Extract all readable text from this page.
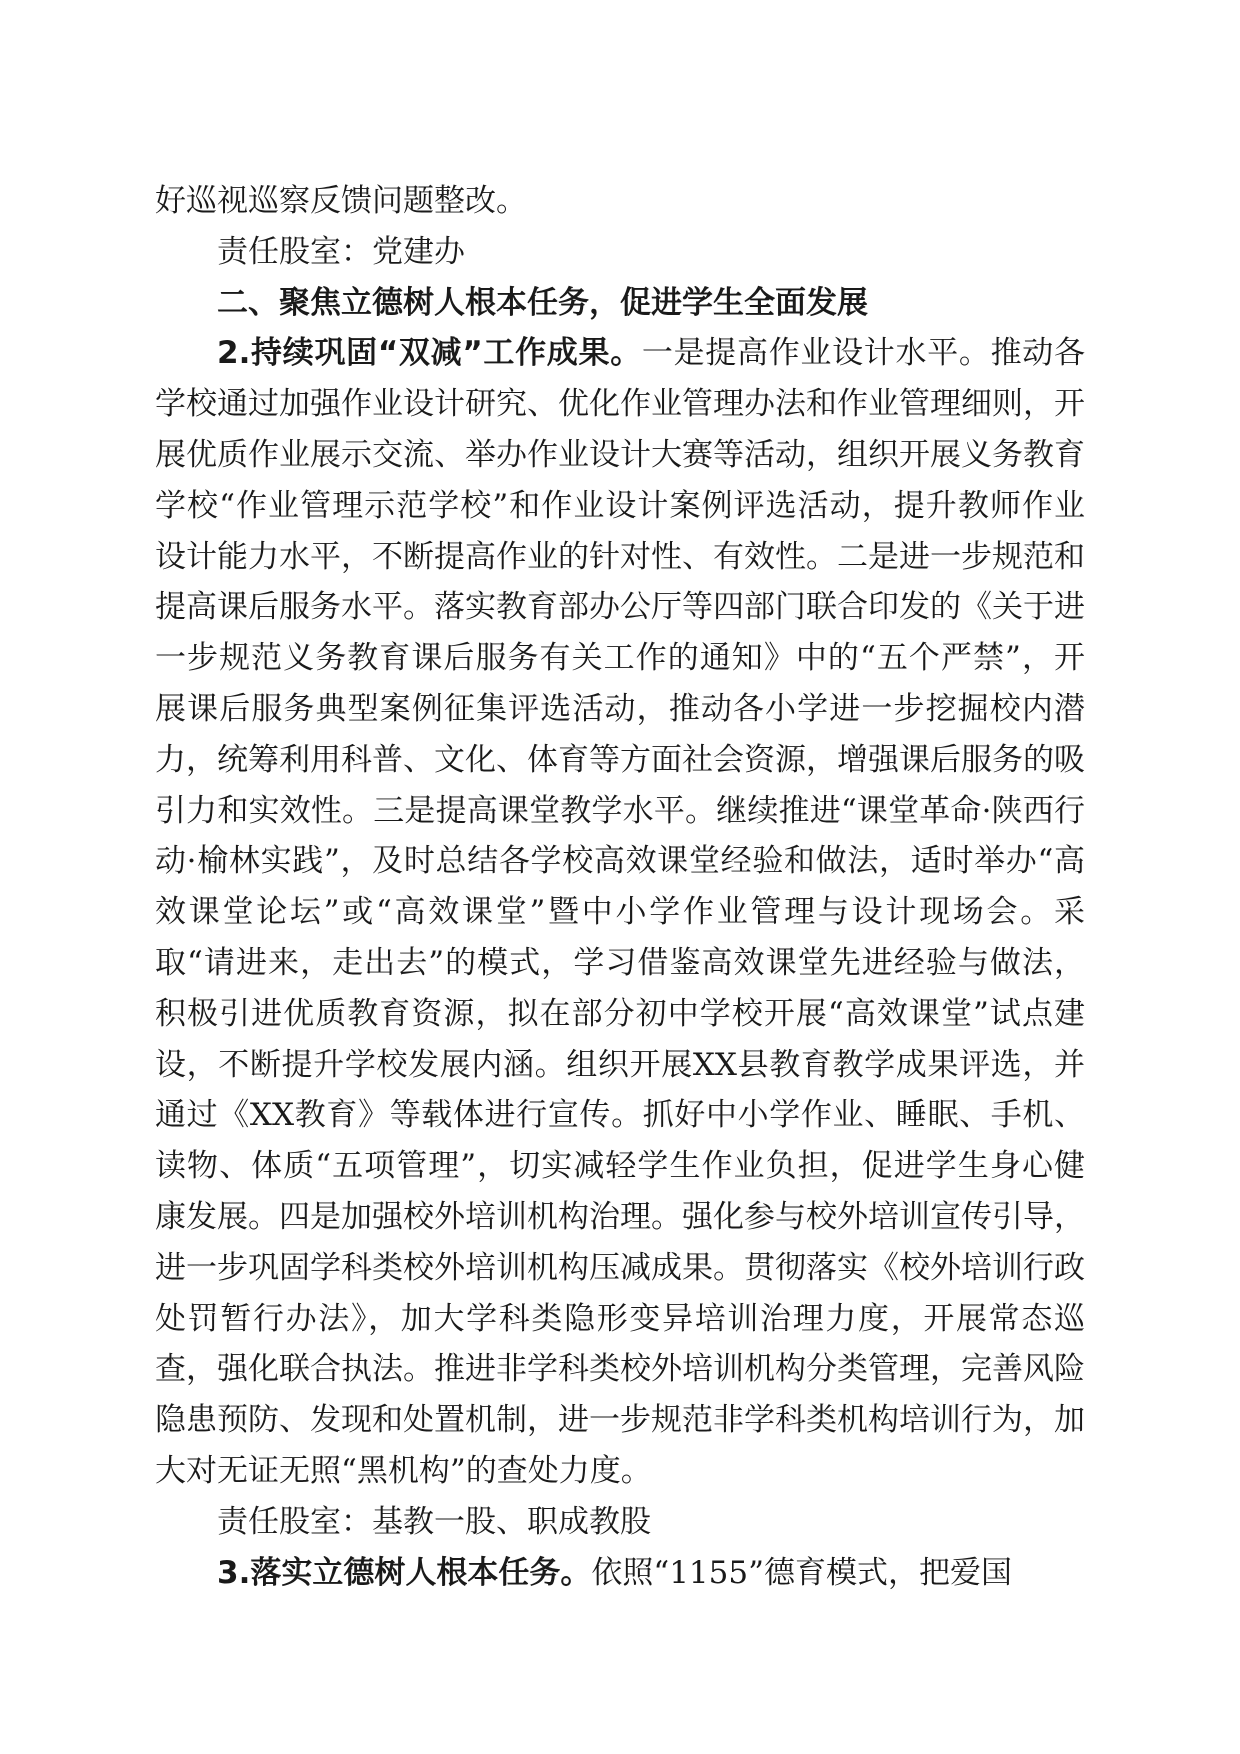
好巡视巡察反馈问题整改。

责任股室：党建办

二、聚焦立德树人根本任务，促进学生全面发展

2.持续巩固“双减”工作成果。一是提高作业设计水平。推动各学校通过加强作业设计研究、优化作业管理办法和作业管理细则，开展优质作业展示交流、举办作业设计大赛等活动，组织开展义务教育学校“作业管理示范学校”和作业设计案例评选活动，提升教师作业设计能力水平，不断提高作业的针对性、有效性。二是进一步规范和提高课后服务水平。落实教育部办公厅等四部门联合印发的《关于进一步规范义务教育课后服务有关工作的通知》中的“五个严禁”，开展课后服务典型案例征集评选活动，推动各小学进一步挖掘校内潜力，统筹利用科普、文化、体育等方面社会资源，增强课后服务的吸引力和实效性。三是提高课堂教学水平。继续推进“课堂革命·陕西行动·榆林实践”，及时总结各学校高效课堂经验和做法，适时举办“高效课堂论坛”或“高效课堂”暨中小学作业管理与设计现场会。采取“请进来，走出去”的模式，学习借鉴高效课堂先进经验与做法，积极引进优质教育资源，拟在部分初中学校开展“高效课堂”试点建设，不断提升学校发展内涵。组织开展XX县教育教学成果评选，并通过《XX教育》等载体进行宣传。抓好中小学作业、睡眠、手机、读物、体质“五项管理”，切实减轻学生作业负担，促进学生身心健康发展。四是加强校外培训机构治理。强化参与校外培训宣传引导，进一步巩固学科类校外培训机构压减成果。贯彻落实《校外培训行政处罚暂行办法》，加大学科类隐形变异培训治理力度，开展常态巡查，强化联合执法。推进非学科类校外培训机构分类管理，完善风险隐患预防、发现和处置机制，进一步规范非学科类机构培训行为，加大对无证无照“黑机构”的查处力度。

责任股室：基教一股、职成教股

3.落实立德树人根本任务。依照“1155”德育模式，把爱国
